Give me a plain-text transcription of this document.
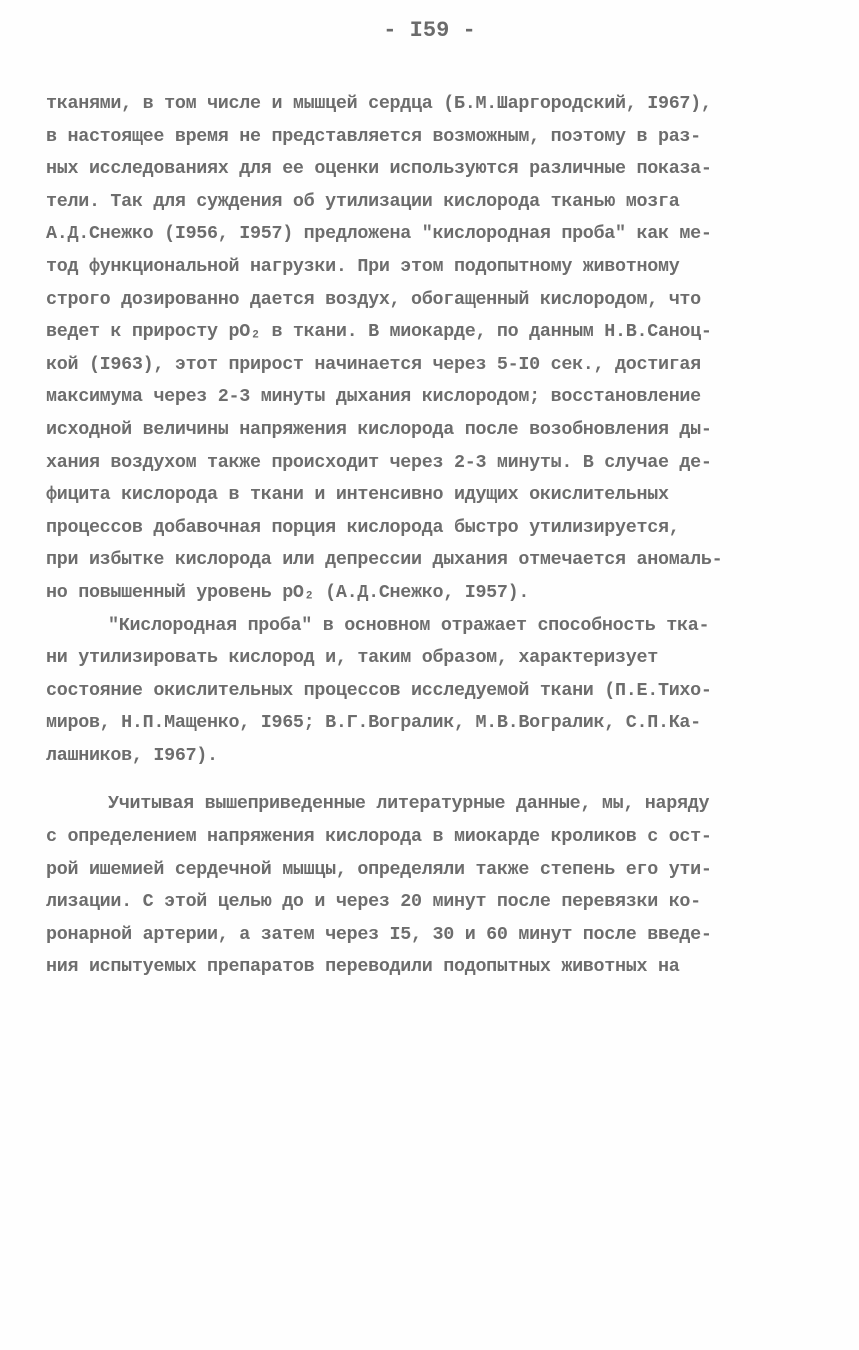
- I59 -
тканями, в том числе и мышцей сердца (Б.М.Шаргородский, I967),
в настоящее время не представляется возможным, поэтому в раз-
ных исследованиях для ее оценки используются различные показа-
тели. Так для суждения об утилизации кислорода тканью мозга
А.Д.Снежко (I956, I957) предложена "кислородная проба" как ме-
тод функциональной нагрузки. При этом подопытному животному
строго дозированно дается воздух, обогащенный кислородом, что
ведет к приросту pO₂ в ткани. В миокарде, по данным Н.В.Саноц-
кой (I963), этот прирост начинается через 5-I0 сек., достигая
максимума через 2-3 минуты дыхания кислородом; восстановление
исходной величины напряжения кислорода после возобновления ды-
хания воздухом также происходит через 2-3 минуты. В случае де-
фицита кислорода в ткани и интенсивно идущих окислительных
процессов добавочная порция кислорода быстро утилизируется,
при избытке кислорода или депрессии дыхания отмечается аномаль-
но повышенный уровень pO₂ (А.Д.Снежко, I957).
"Кислородная проба" в основном отражает способность тка-
ни утилизировать кислород и, таким образом, характеризует
состояние окислительных процессов исследуемой ткани (П.Е.Тихо-
миров, Н.П.Мащенко, I965; В.Г.Вогралик, М.В.Вогралик, С.П.Ка-
лашников, I967).
Учитывая вышеприведенные литературные данные, мы, наряду
с определением напряжения кислорода в миокарде кроликов с ост-
рой ишемией сердечной мышцы, определяли также степень его ути-
лизации. С этой целью до и через 20 минут после перевязки ко-
ронарной артерии, а затем через I5, 30 и 60 минут после введе-
ния испытуемых препаратов переводили подопытных животных на
